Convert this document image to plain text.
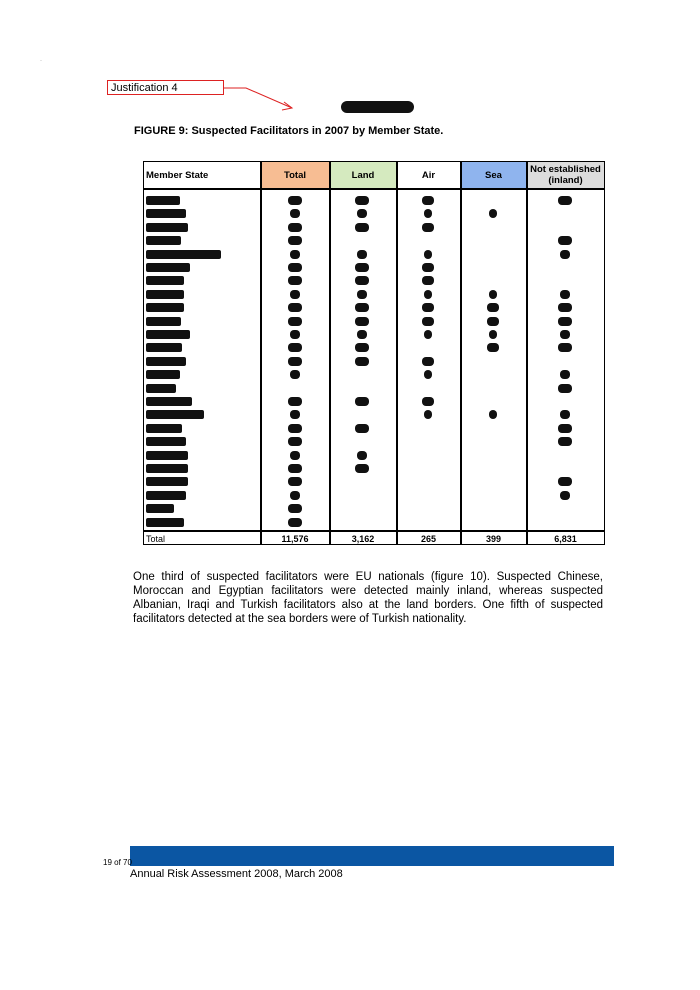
·
Justification 4
FIGURE 9: Suspected Facilitators in 2007 by Member State.
Member State	Total	Land	Air	Sea	Not established (inland)
Total	11,576	3,162	265	399	6,831
One third of suspected facilitators were EU nationals (figure 10). Suspected Chinese, Moroccan and Egyptian facilitators were detected mainly inland, whereas suspected Albanian, Iraqi and Turkish facilitators also at the land borders. One fifth of suspected facilitators detected at the sea borders were of Turkish nationality.
19 of 70
Annual Risk Assessment 2008, March 2008
